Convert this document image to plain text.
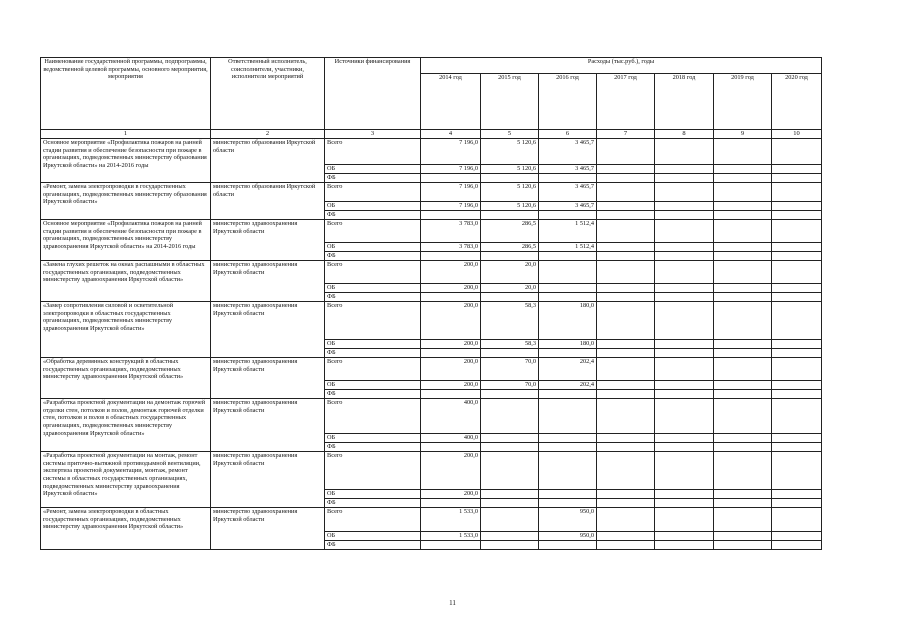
Наименование государственной программы, подпрограммы, ведомственной целевой программы, основного мероприятия, мероприятия	Ответственный исполнитель, соисполнители, участники, исполнители мероприятий	Источники финансирования	Расходы (тыс.руб.), годы						
			2014 год	2015 год	2016 год	2017 год	2018 год	2019 год	2020 год
1	2	3	4	5	6	7	8	9	10
Основное мероприятие «Профилактика пожаров на ранней стадии развития и обеспечение безопасности при пожаре в организациях, подведомственных министерству образования Иркутской области» на 2014-2016 годы	министерство образования Иркутской области	Всего	7 196,0	5 120,6	3 465,7				
		ОБ	7 196,0	5 120,6	3 465,7				
		ФБ							
«Ремонт, замена электропроводки в государственных организациях, подведомственных министерству образования Иркутской области»	министерство образования Иркутской области	Всего	7 196,0	5 120,6	3 465,7				
		ОБ	7 196,0	5 120,6	3 465,7				
		ФБ							
Основное мероприятие «Профилактика пожаров на ранней стадии развития и обеспечение безопасности при пожаре в организациях, подведомственных министерству здравоохранения Иркутской области» на 2014-2016 годы	министерство здравоохранения Иркутской области	Всего	3 783,0	286,5	1 512,4				
		ОБ	3 783,0	286,5	1 512,4				
		ФБ							
«Замена глухих решеток на окнах распашными в областных государственных организациях, подведомственных министерству здравоохранения Иркутской области»	министерство здравоохранения Иркутской области	Всего	200,0	20,0					
		ОБ	200,0	20,0					
		ФБ							
«Замер сопротивления силовой и осветительной электропроводки в областных государственных организациях, подведомственных министерству здравоохранения Иркутской области»	министерство здравоохранения Иркутской области	Всего	200,0	58,3	180,0				
		ОБ	200,0	58,3	180,0				
		ФБ							
«Обработка деревянных конструкций в областных государственных организациях, подведомственных министерству здравоохранения Иркутской области»	министерство здравоохранения Иркутской области	Всего	200,0	70,0	202,4				
		ОБ	200,0	70,0	202,4				
		ФБ							
«Разработка проектной документации на демонтаж горючей отделки стен, потолков и полов, демонтаж горючей отделки стен, потолков и полов в областных государственных организациях, подведомственных министерству здравоохранения Иркутской области»	министерство здравоохранения Иркутской области	Всего	400,0						
		ОБ	400,0						
		ФБ							
«Разработка проектной документации на монтаж, ремонт системы приточно-вытяжной противодымной вентиляции, экспертиза проектной документации, монтаж, ремонт системы в областных государственных организациях, подведомственных министерству здравоохранения Иркутской области»	министерство здравоохранения Иркутской области	Всего	200,0						
		ОБ	200,0						
		ФБ							
«Ремонт, замена электропроводки в областных государственных организациях, подведомственных министерству здравоохранения Иркутской области»	министерство здравоохранения Иркутской области	Всего	1 533,0		950,0				
		ОБ	1 533,0		950,0				
		ФБ							
11
